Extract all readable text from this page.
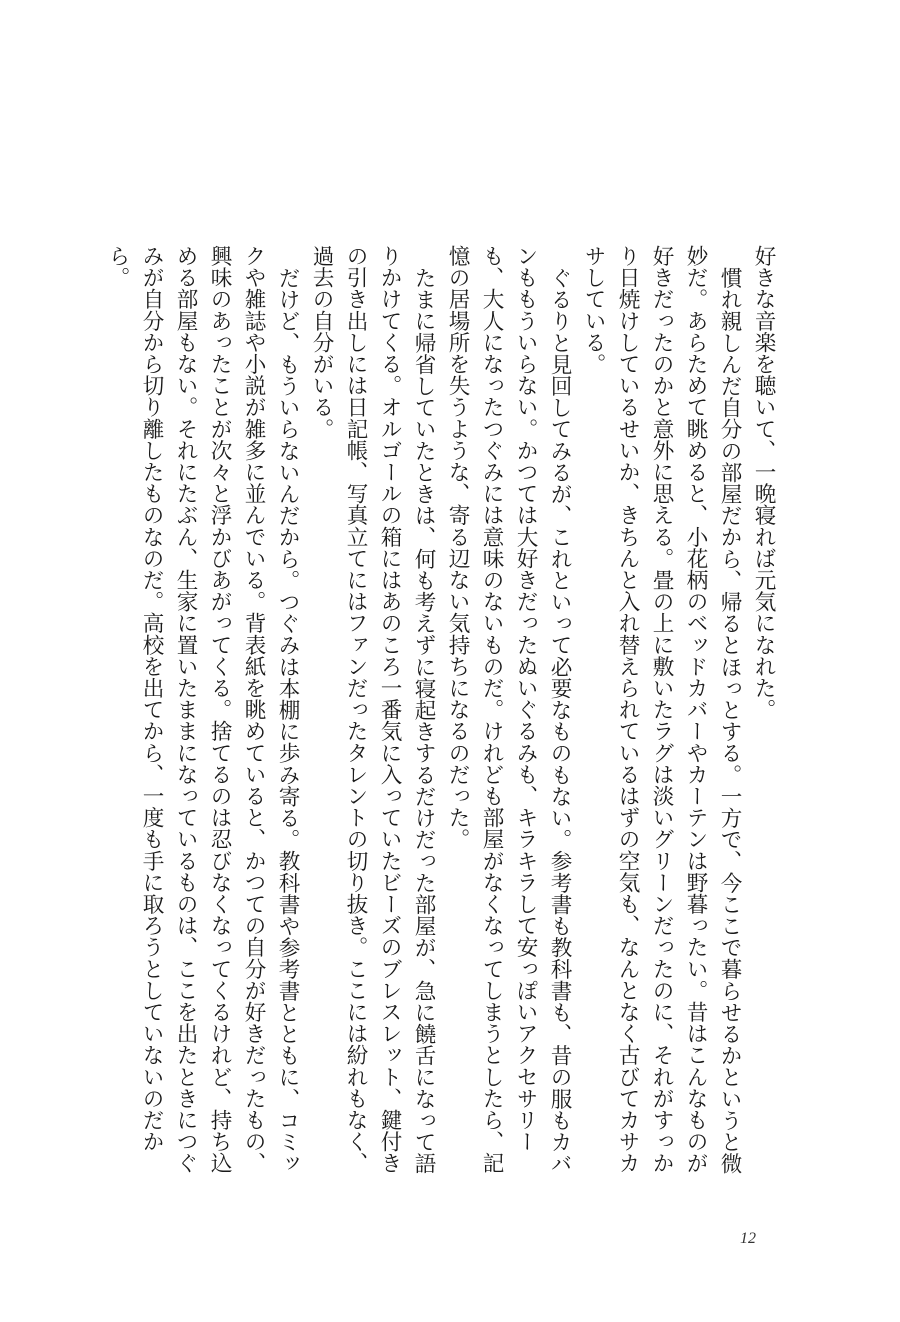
好きな音楽を聴いて、一晩寝れば元気になれた。

慣れ親しんだ自分の部屋だから、帰るとほっとする。一方で、今ここで暮らせるかというと微妙だ。あらためて眺めると、小花柄のベッドカバーやカーテンは野暮ったい。昔はこんなものが好きだったのかと意外に思える。畳の上に敷いたラグは淡いグリーンだったのに、それがすっかり日焼けしているせいか、きちんと入れ替えられているはずの空気も、なんとなく古びてカサカサしている。

ぐるりと見回してみるが、これといって必要なものもない。参考書も教科書も、昔の服もカバンももういらない。かつては大好きだったぬいぐるみも、キラキラして安っぽいアクセサリーも、大人になったつぐみには意味のないものだ。けれども部屋がなくなってしまうとしたら、記憶の居場所を失うような、寄る辺ない気持ちになるのだった。

たまに帰省していたときは、何も考えずに寝起きするだけだった部屋が、急に饒舌になって語りかけてくる。オルゴールの箱にはあのころ一番気に入っていたビーズのブレスレット、鍵付きの引き出しには日記帳、写真立てにはファンだったタレントの切り抜き。ここには紛れもなく、過去の自分がいる。

だけど、もういらないんだから。つぐみは本棚に歩み寄る。教科書や参考書とともに、コミックや雑誌や小説が雑多に並んでいる。背表紙を眺めていると、かつての自分が好きだったもの、興味のあったことが次々と浮かびあがってくる。捨てるのは忍びなくなってくるけれど、持ち込める部屋もない。それにたぶん、生家に置いたままになっているものは、ここを出たときにつぐみが自分から切り離したものなのだ。高校を出てから、一度も手に取ろうとしていないのだから。

12
